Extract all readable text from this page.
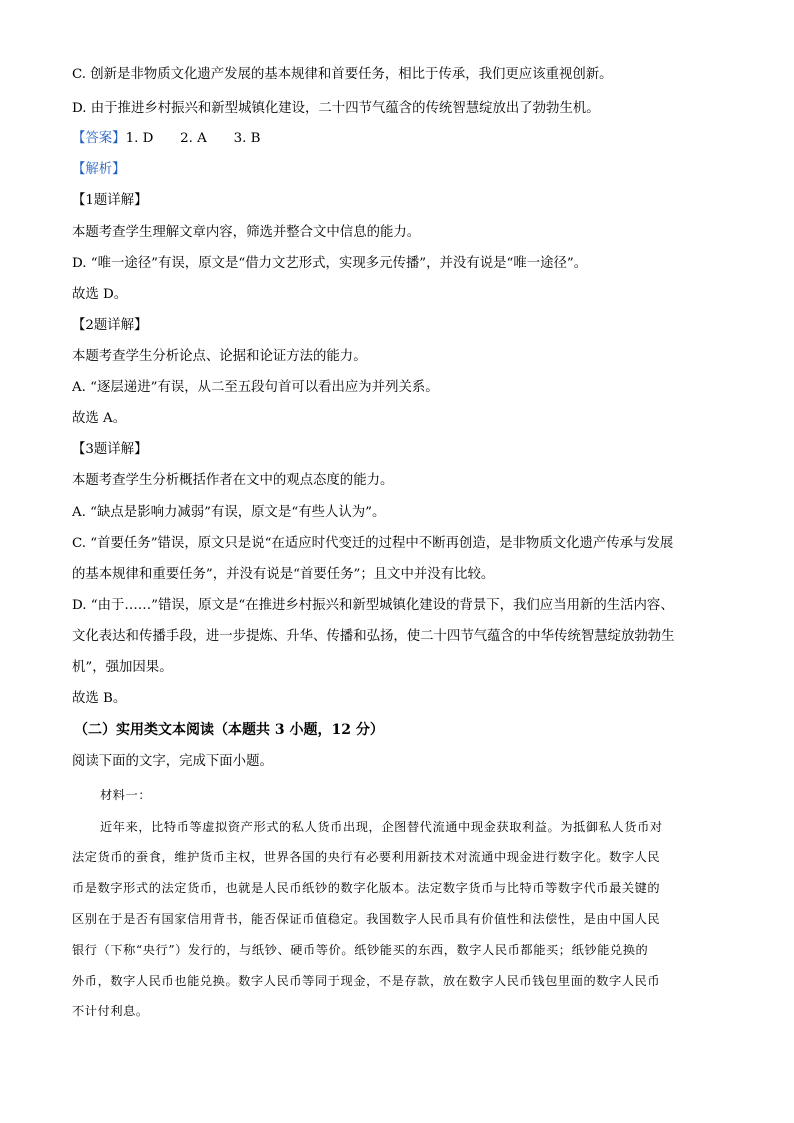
C. 创新是非物质文化遗产发展的基本规律和首要任务，相比于传承，我们更应该重视创新。
D. 由于推进乡村振兴和新型城镇化建设，二十四节气蕴含的传统智慧绽放出了勃勃生机。
【答案】1. D　　2. A　　3. B
【解析】
【1题详解】
本题考查学生理解文章内容，筛选并整合文中信息的能力。
D. “唯一途径”有误，原文是“借力文艺形式，实现多元传播”，并没有说是“唯一途径”。
故选 D。
【2题详解】
本题考查学生分析论点、论据和论证方法的能力。
A. “逐层递进”有误，从二至五段句首可以看出应为并列关系。
故选 A。
【3题详解】
本题考查学生分析概括作者在文中的观点态度的能力。
A. “缺点是影响力减弱”有误，原文是“有些人认为”。
C. “首要任务”错误，原文只是说“在适应时代变迁的过程中不断再创造，是非物质文化遗产传承与发展
的基本规律和重要任务”，并没有说是“首要任务”；且文中并没有比较。
D. “由于……”错误，原文是“在推进乡村振兴和新型城镇化建设的背景下，我们应当用新的生活内容、
文化表达和传播手段，进一步提炼、升华、传播和弘扬，使二十四节气蕴含的中华传统智慧绽放勃勃生
机”，强加因果。
故选 B。
（二）实用类文本阅读（本题共 3 小题，12 分）
阅读下面的文字，完成下面小题。
材料一：
近年来，比特币等虚拟资产形式的私人货币出现，企图替代流通中现金获取利益。为抵御私人货币对
法定货币的蚕食，维护货币主权，世界各国的央行有必要利用新技术对流通中现金进行数字化。数字人民
币是数字形式的法定货币，也就是人民币纸钞的数字化版本。法定数字货币与比特币等数字代币最关键的
区别在于是否有国家信用背书，能否保证币值稳定。我国数字人民币具有价值性和法偿性，是由中国人民
银行（下称“央行”）发行的，与纸钞、硬币等价。纸钞能买的东西，数字人民币都能买；纸钞能兑换的
外币，数字人民币也能兑换。数字人民币等同于现金，不是存款，放在数字人民币钱包里面的数字人民币
不计付利息。
